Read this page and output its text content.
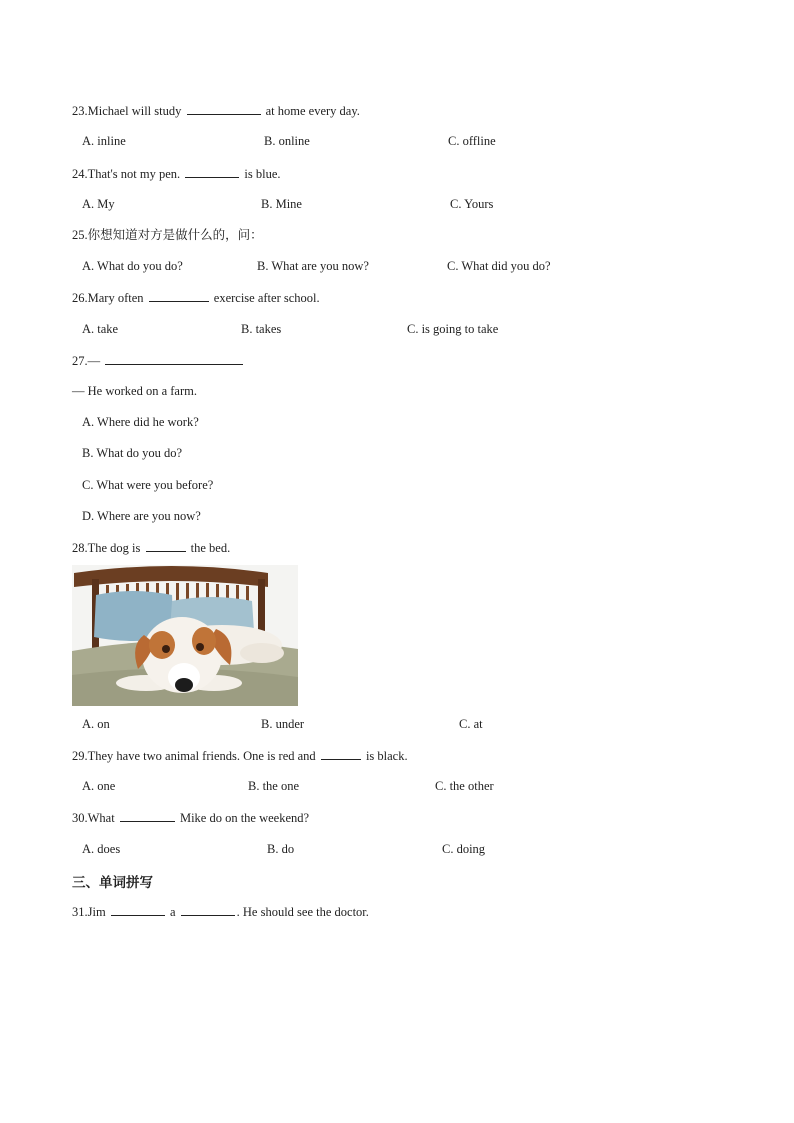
23.Michael will study	at home every day.
A. inline	B. online	C. offline
24.That's not my pen.	is blue.
A. My	B. Mine	C. Yours
25.你想知道对方是做什么的，问：
A. What do you do?	B. What are you now?	C. What did you do?
26.Mary often	exercise after school.
A. take	B. takes	C. is going to take
27.—
— He worked on a farm.
A. Where did he work?
B. What do you do?
C. What were you before?
D. Where are you now?
28.The dog is	the bed.
A. on	B. under	C. at
29.They have two animal friends. One is red and	is black.
A. one	B. the one	C. the other
30.What	Mike do on the weekend?
A. does	B. do	C. doing
三、单词拼写
31.Jim	a	. He should see the doctor.
